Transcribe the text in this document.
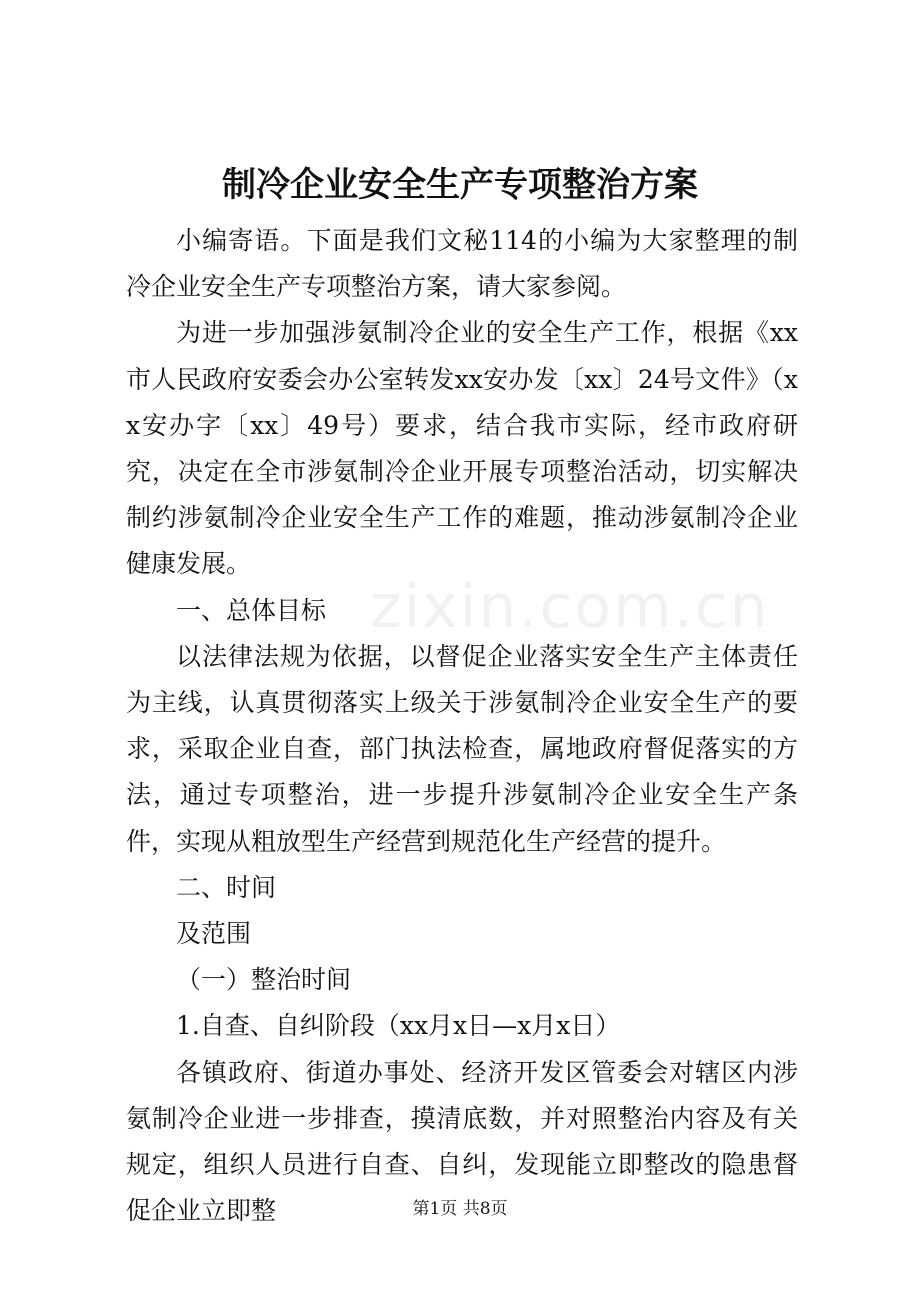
制冷企业安全生产专项整治方案
zixin.com.cn

小编寄语。下面是我们文秘114的小编为大家整理的制冷企业安全生产专项整治方案，请大家参阅。

为进一步加强涉氨制冷企业的安全生产工作，根据《xx市人民政府安委会办公室转发xx安办发〔xx〕24号文件》（xx安办字〔xx〕49号）要求，结合我市实际，经市政府研究，决定在全市涉氨制冷企业开展专项整治活动，切实解决制约涉氨制冷企业安全生产工作的难题，推动涉氨制冷企业健康发展。

一、总体目标

以法律法规为依据，以督促企业落实安全生产主体责任为主线，认真贯彻落实上级关于涉氨制冷企业安全生产的要求，采取企业自查，部门执法检查，属地政府督促落实的方法，通过专项整治，进一步提升涉氨制冷企业安全生产条件，实现从粗放型生产经营到规范化生产经营的提升。

二、时间

及范围

（一）整治时间

1.自查、自纠阶段（xx月x日—x月x日）

各镇政府、街道办事处、经济开发区管委会对辖区内涉氨制冷企业进一步排查，摸清底数，并对照整治内容及有关规定，组织人员进行自查、自纠，发现能立即整改的隐患督促企业立即整	第1页 共8页
